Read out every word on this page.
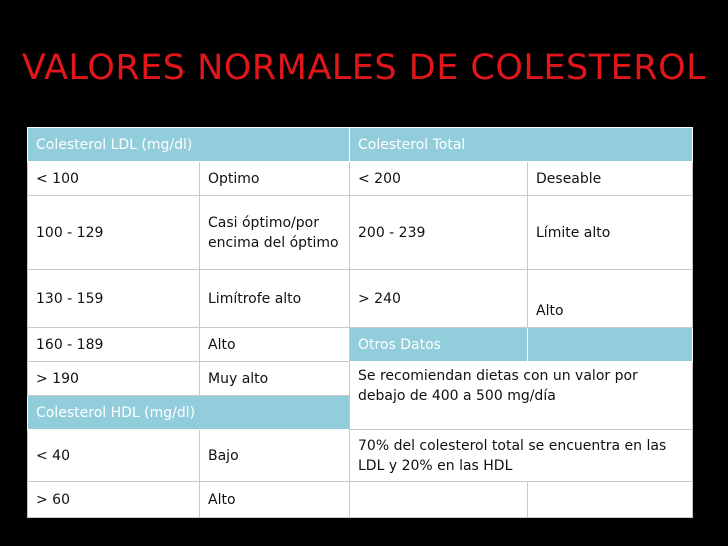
VALORES NORMALES DE COLESTEROL
Colesterol LDL (mg/dl)		Colesterol Total	
< 100	Optimo	< 200	Deseable
100 - 129	Casi óptimo/por encima del óptimo	200 - 239	Límite alto
130 - 159	Limítrofe alto	> 240	Alto
160 - 189	Alto	Otros Datos	
> 190	Muy alto	Se recomiendan dietas con un valor por debajo de 400 a 500 mg/día	
Colesterol HDL (mg/dl)			
< 40	Bajo	70% del colesterol total se encuentra en las LDL y 20% en las HDL	
> 60	Alto		
